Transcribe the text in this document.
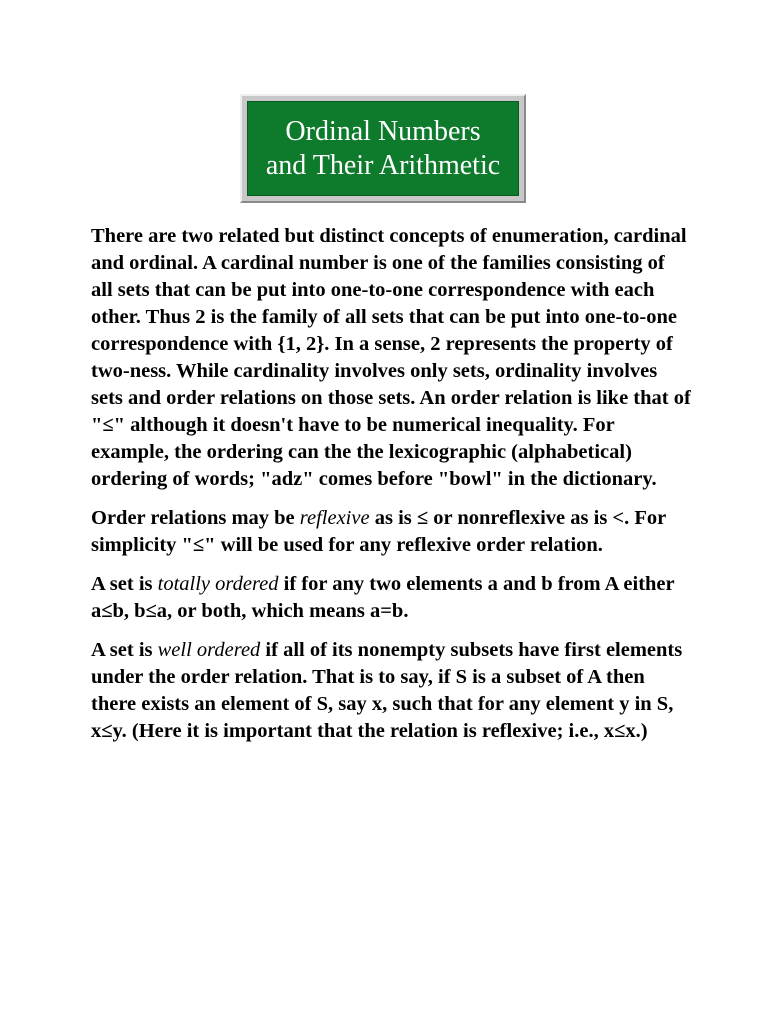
Ordinal Numbers
and Their Arithmetic

There are two related but distinct concepts of enumeration, cardinal and ordinal. A cardinal number is one of the families consisting of all sets that can be put into one-to-one correspondence with each other. Thus 2 is the family of all sets that can be put into one-to-one correspondence with {1, 2}. In a sense, 2 represents the property of two-ness. While cardinality involves only sets, ordinality involves sets and order relations on those sets. An order relation is like that of "≤" although it doesn't have to be numerical inequality. For example, the ordering can the the lexicographic (alphabetical) ordering of words; "adz" comes before "bowl" in the dictionary.

Order relations may be reflexive as is ≤ or nonreflexive as is <. For simplicity "≤" will be used for any reflexive order relation.

A set is totally ordered if for any two elements a and b from A either a≤b, b≤a, or both, which means a=b.

A set is well ordered if all of its nonempty subsets have first elements under the order relation. That is to say, if S is a subset of A then there exists an element of S, say x, such that for any element y in S, x≤y. (Here it is important that the relation is reflexive; i.e., x≤x.)
